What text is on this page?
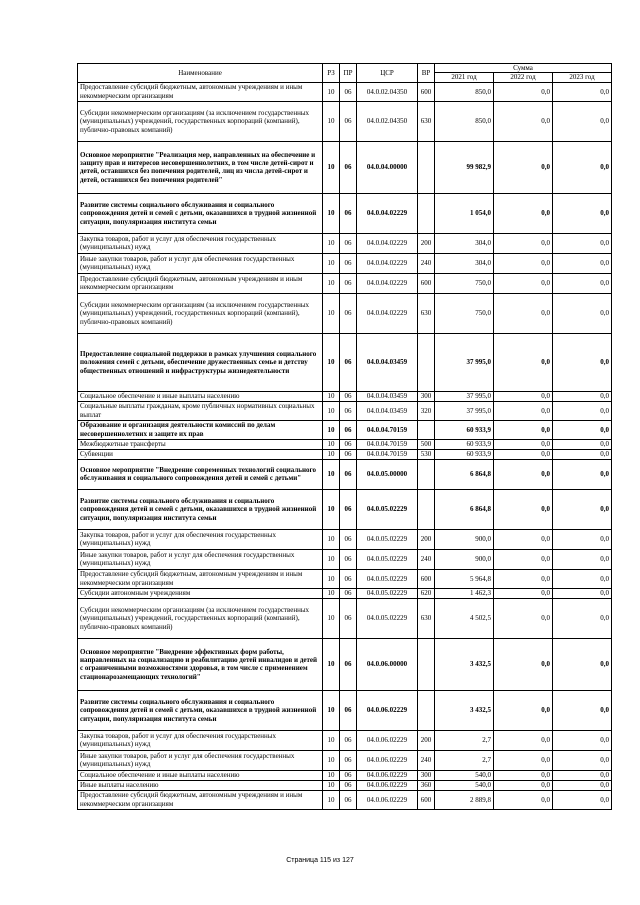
Наименование	РЗ	ПР	ЦСР	ВР	Сумма		
					2021 год	2022 год	2023 год
Предоставление субсидий бюджетным, автономным учреждениям и иным некоммерческим организациям	10	06	04.0.02.04350	600	850,0	0,0	0,0
Субсидии некоммерческим организациям (за исключением государственных (муниципальных) учреждений, государственных корпораций (компаний), публично-правовых компаний)	10	06	04.0.02.04350	630	850,0	0,0	0,0
Основное мероприятие "Реализация мер, направленных на обеспечение и защиту прав и интересов несовершеннолетних, в том числе детей-сирот и детей, оставшихся без попечения родителей, лиц из числа детей-сирот и детей, оставшихся без попечения родителей"	10	06	04.0.04.00000		99 982,9	0,0	0,0
Развитие системы социального обслуживания и социального сопровождения детей и семей с детьми, оказавшихся в трудной жизненной ситуации, популяризация института семьи	10	06	04.0.04.02229		1 054,0	0,0	0,0
Закупка товаров, работ и услуг для обеспечения государственных (муниципальных) нужд	10	06	04.0.04.02229	200	304,0	0,0	0,0
Иные закупки товаров, работ и услуг для обеспечения государственных (муниципальных) нужд	10	06	04.0.04.02229	240	304,0	0,0	0,0
Предоставление субсидий бюджетным, автономным учреждениям и иным некоммерческим организациям	10	06	04.0.04.02229	600	750,0	0,0	0,0
Субсидии некоммерческим организациям (за исключением государственных (муниципальных) учреждений, государственных корпораций (компаний), публично-правовых компаний)	10	06	04.0.04.02229	630	750,0	0,0	0,0
Предоставление социальной поддержки в рамках улучшения социального положения семей с детьми, обеспечение дружественных семье и детству общественных отношений и инфраструктуры жизнедеятельности	10	06	04.0.04.03459		37 995,0	0,0	0,0
Социальное обеспечение и иные выплаты населению	10	06	04.0.04.03459	300	37 995,0	0,0	0,0
Социальные выплаты гражданам, кроме публичных нормативных социальных выплат	10	06	04.0.04.03459	320	37 995,0	0,0	0,0
Образование и организация деятельности комиссий по делам несовершеннолетних и защите их прав	10	06	04.0.04.70159		60 933,9	0,0	0,0
Межбюджетные трансферты	10	06	04.0.04.70159	500	60 933,9	0,0	0,0
Субвенции	10	06	04.0.04.70159	530	60 933,9	0,0	0,0
Основное мероприятие "Внедрение современных технологий социального обслуживания и социального сопровождения детей и семей с детьми"	10	06	04.0.05.00000		6 864,8	0,0	0,0
Развитие системы социального обслуживания и социального сопровождения детей и семей с детьми, оказавшихся в трудной жизненной ситуации, популяризация института семьи	10	06	04.0.05.02229		6 864,8	0,0	0,0
Закупка товаров, работ и услуг для обеспечения государственных (муниципальных) нужд	10	06	04.0.05.02229	200	900,0	0,0	0,0
Иные закупки товаров, работ и услуг для обеспечения государственных (муниципальных) нужд	10	06	04.0.05.02229	240	900,0	0,0	0,0
Предоставление субсидий бюджетным, автономным учреждениям и иным некоммерческим организациям	10	06	04.0.05.02229	600	5 964,8	0,0	0,0
Субсидии автономным учреждениям	10	06	04.0.05.02229	620	1 462,3	0,0	0,0
Субсидии некоммерческим организациям (за исключением государственных (муниципальных) учреждений, государственных корпораций (компаний), публично-правовых компаний)	10	06	04.0.05.02229	630	4 502,5	0,0	0,0
Основное мероприятие "Внедрение эффективных форм работы, направленных на социализацию и реабилитацию детей инвалидов и детей с ограниченными возможностями здоровья, в том числе с применением стационарозамещающих технологий"	10	06	04.0.06.00000		3 432,5	0,0	0,0
Развитие системы социального обслуживания и социального сопровождения детей и семей с детьми, оказавшихся в трудной жизненной ситуации, популяризация института семьи	10	06	04.0.06.02229		3 432,5	0,0	0,0
Закупка товаров, работ и услуг для обеспечения государственных (муниципальных) нужд	10	06	04.0.06.02229	200	2,7	0,0	0,0
Иные закупки товаров, работ и услуг для обеспечения государственных (муниципальных) нужд	10	06	04.0.06.02229	240	2,7	0,0	0,0
Социальное обеспечение и иные выплаты населению	10	06	04.0.06.02229	300	540,0	0,0	0,0
Иные выплаты населению	10	06	04.0.06.02229	360	540,0	0,0	0,0
Предоставление субсидий бюджетным, автономным учреждениям и иным некоммерческим организациям	10	06	04.0.06.02229	600	2 889,8	0,0	0,0
Страница 115 из 127
